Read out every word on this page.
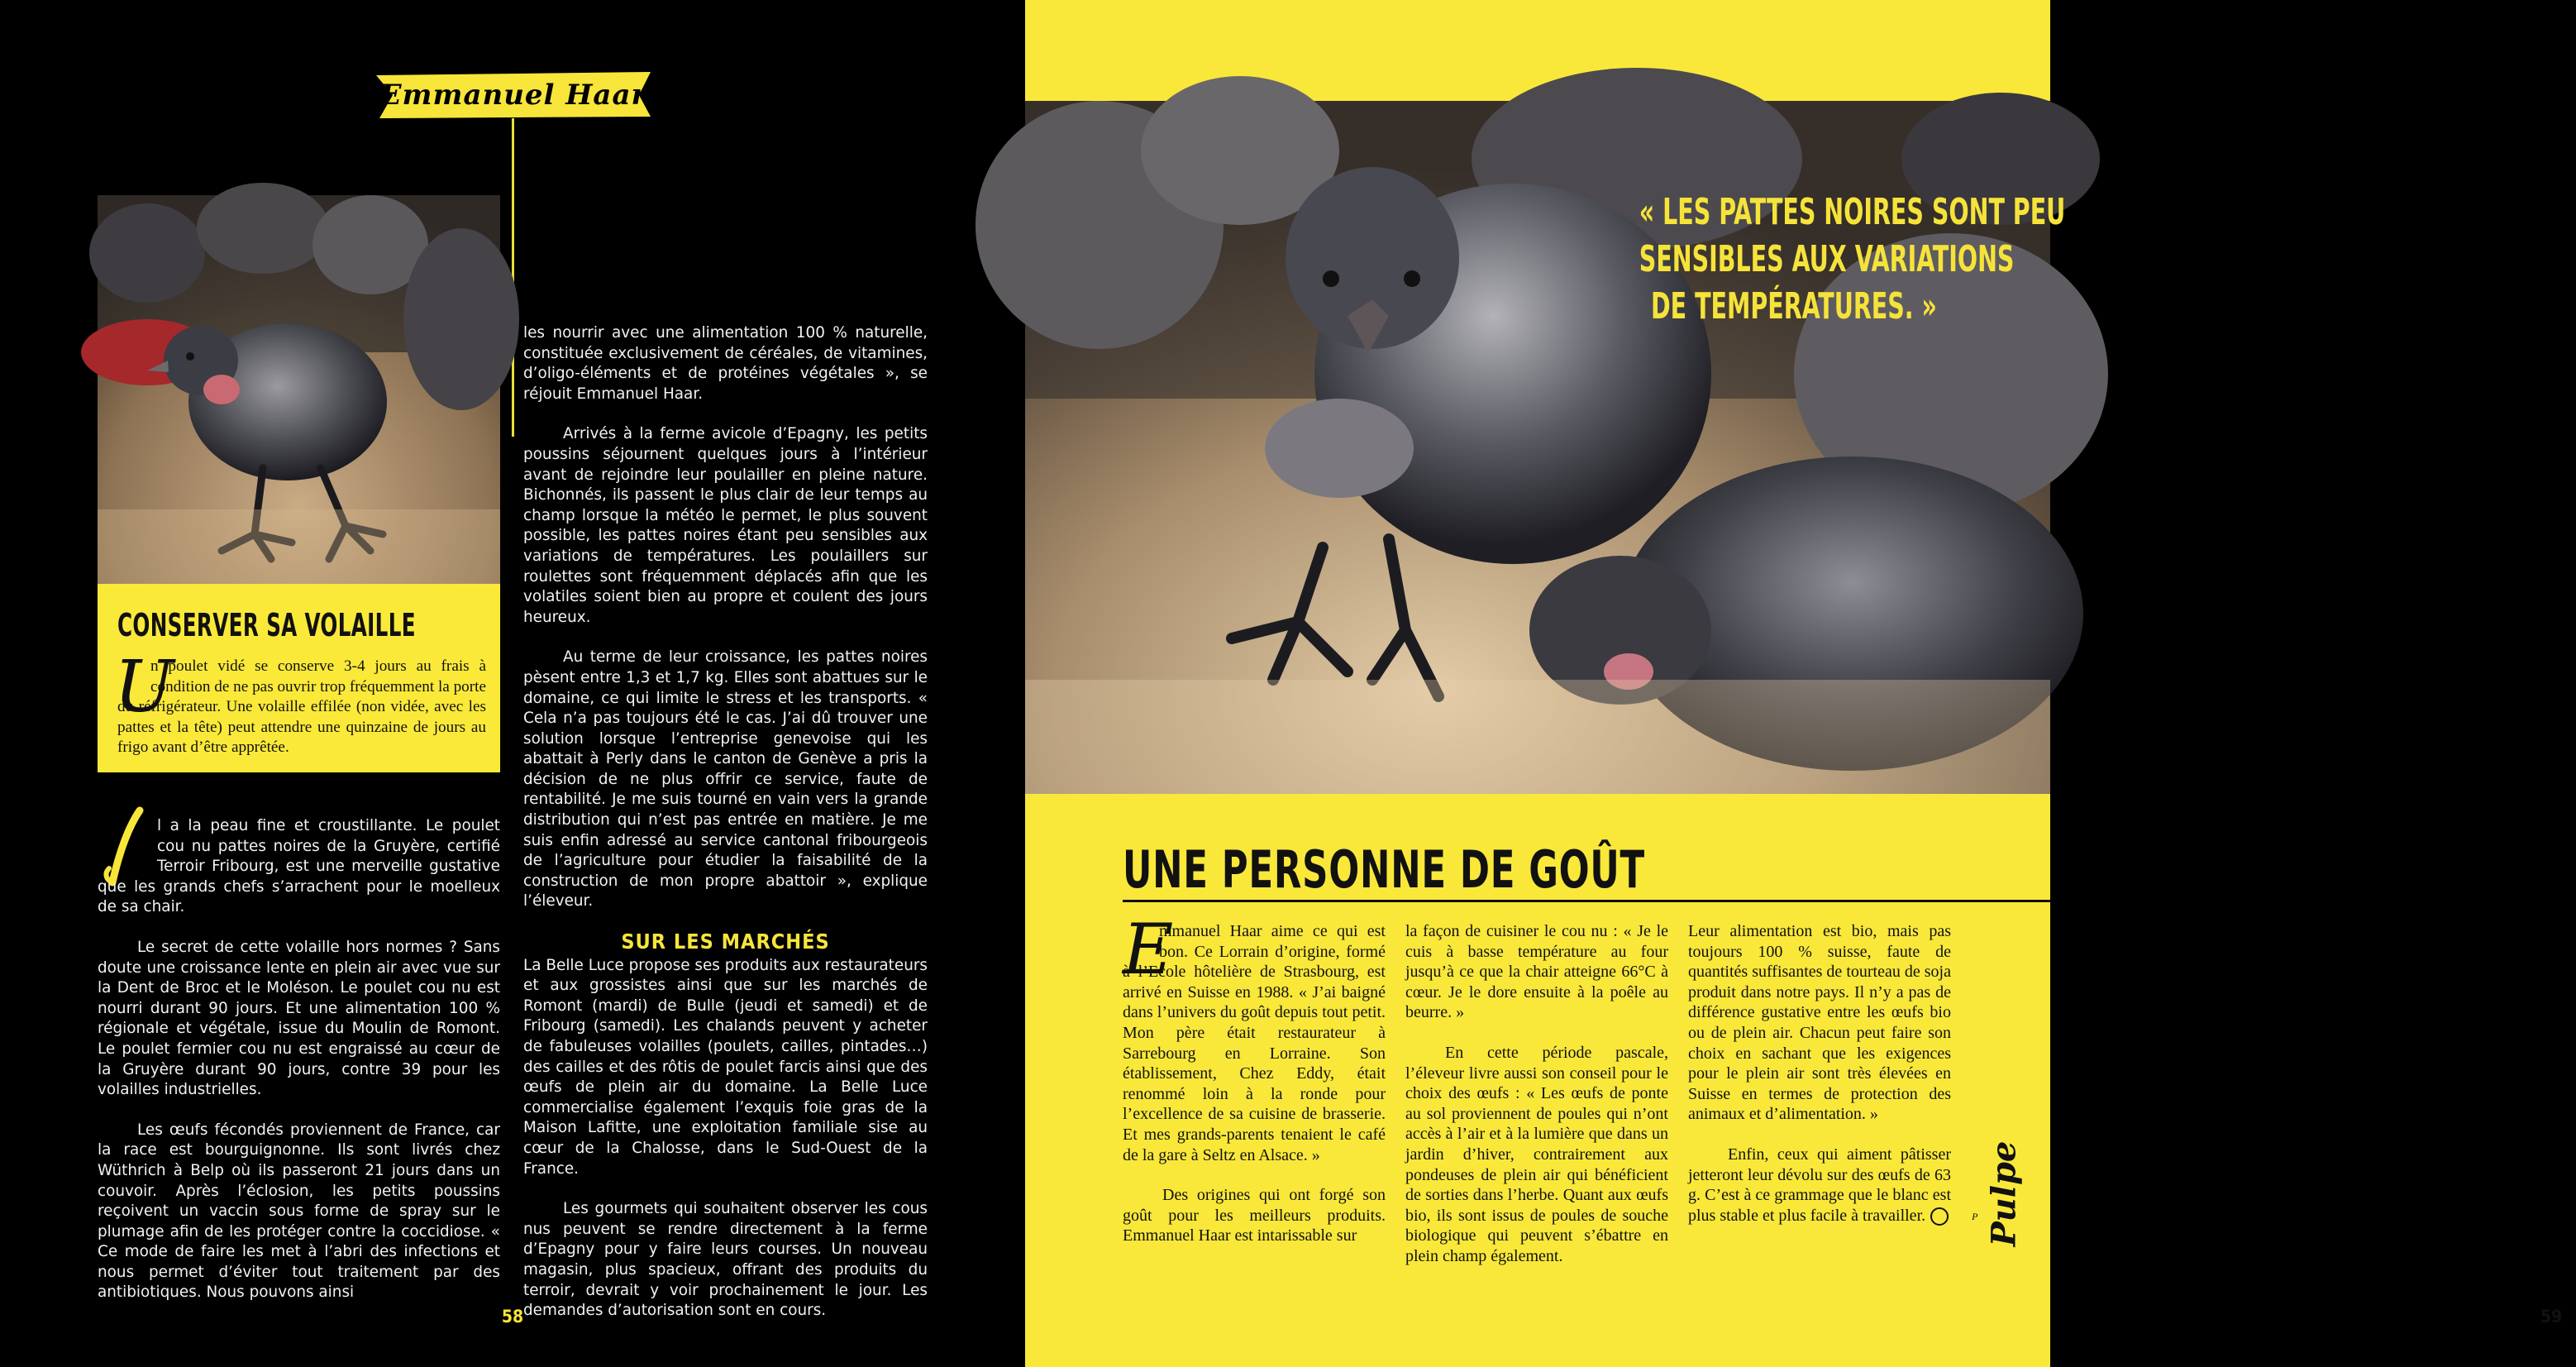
Emmanuel Haar
CONSERVER SA VOLAILLE
U
n poulet vidé se conserve 3-4 jours au frais à condition de ne pas ouvrir trop fréquemment la porte du réfrigérateur. Une volaille effilée (non vidée, avec les pattes et la tête) peut attendre une quinzaine de jours au frigo avant d’être apprêtée.
I

l a la peau fine et croustillante. Le poulet cou nu pattes noires de la Gruyère, certifié Terroir Fribourg, est une merveille gustative que les grands chefs s’arrachent pour le moelleux de sa chair.

Le secret de cette volaille hors normes ? Sans doute une croissance lente en plein air avec vue sur la Dent de Broc et le Moléson. Le poulet cou nu est nourri durant 90 jours. Et une alimentation 100 % régionale et végétale, issue du Moulin de Romont. Le poulet fermier cou nu est engraissé au cœur de la Gruyère durant 90 jours, contre 39 pour les volailles industrielles.

Les œufs fécondés proviennent de France, car la race est bourguignonne. Ils sont livrés chez Wüthrich à Belp où ils passeront 21 jours dans un couvoir. Après l’éclosion, les petits poussins reçoivent un vaccin sous forme de spray sur le plumage afin de les protéger contre la coccidiose. « Ce mode de faire les met à l’abri des infections et nous permet d’éviter tout traitement par des antibiotiques. Nous pouvons ainsi

les nourrir avec une alimentation 100 % naturelle, constituée exclusivement de céréales, de vitamines, d’oligo-éléments et de protéines végétales », se réjouit Emmanuel Haar.

Arrivés à la ferme avicole d’Epagny, les petits poussins séjournent quelques jours à l’intérieur avant de rejoindre leur poulailler en pleine nature. Bichonnés, ils passent le plus clair de leur temps au champ lorsque la météo le permet, le plus souvent possible, les pattes noires étant peu sensibles aux variations de températures. Les poulaillers sur roulettes sont fréquemment déplacés afin que les volatiles soient bien au propre et coulent des jours heureux.

Au terme de leur croissance, les pattes noires pèsent entre 1,3 et 1,7 kg. Elles sont abattues sur le domaine, ce qui limite le stress et les transports. « Cela n’a pas toujours été le cas. J’ai dû trouver une solution lorsque l’entreprise genevoise qui les abattait à Perly dans le canton de Genève a pris la décision de ne plus offrir ce service, faute de rentabilité. Je me suis tourné en vain vers la grande distribution qui n’est pas entrée en matière. Je me suis enfin adressé au service cantonal fribourgeois de l’agriculture pour étudier la faisabilité de la construction de mon propre abattoir », explique l’éleveur.

SUR LES MARCHÉS

La Belle Luce propose ses produits aux restaurateurs et aux grossistes ainsi que sur les marchés de Romont (mardi) de Bulle (jeudi et samedi) et de Fribourg (samedi). Les chalands peuvent y acheter de fabuleuses volailles (poulets, cailles, pintades…) des cailles et des rôtis de poulet farcis ainsi que des œufs de plein air du domaine. La Belle Luce commercialise également l’exquis foie gras de la Maison Lafitte, une exploitation familiale sise au cœur de la Chalosse, dans le Sud-Ouest de la France.

Les gourmets qui souhaitent observer les cous nus peuvent se rendre directement à la ferme d’Epagny pour y faire leurs courses. Un nouveau magasin, plus spacieux, offrant des produits du terroir, devrait y voir prochainement le jour. Les demandes d’autorisation sont en cours.

58
« LES PATTES NOIRES SONT PEU
SENSIBLES AUX VARIATIONS
DE TEMPÉRATURES. »
UNE PERSONNE DE GOÛT
E

mmanuel Haar aime ce qui est bon. Ce Lorrain d’origine, formé à l’Ecole hôtelière de Strasbourg, est arrivé en Suisse en 1988. « J’ai baigné dans l’univers du goût depuis tout petit. Mon père était restaurateur à Sarrebourg en Lorraine. Son établissement, Chez Eddy, était renommé loin à la ronde pour l’excellence de sa cuisine de brasserie. Et mes grands-parents tenaient le café de la gare à Seltz en Alsace. »

Des origines qui ont forgé son goût pour les meilleurs produits. Emmanuel Haar est intarissable sur

la façon de cuisiner le cou nu : « Je le cuis à basse température au four jusqu’à ce que la chair atteigne 66°C à cœur. Je le dore ensuite à la poêle au beurre. »

En cette période pascale, l’éleveur livre aussi son conseil pour le choix des œufs : « Les œufs de ponte au sol proviennent de poules qui n’ont accès à l’air et à la lumière que dans un jardin d’hiver, contrairement aux pondeuses de plein air qui bénéficient de sorties dans l’herbe. Quant aux œufs bio, ils sont issus de poules de souche biologique qui peuvent s’ébattre en plein champ également.

Leur alimentation est bio, mais pas toujours 100 % suisse, faute de quantités suffisantes de tourteau de soja produit dans notre pays. Il n’y a pas de différence gustative entre les œufs bio ou de plein air. Chacun peut faire son choix en sachant que les exigences pour le plein air sont très élevées en Suisse en termes de protection des animaux et d’alimentation. »

Enfin, ceux qui aiment pâtisser jetteront leur dévolu sur des œufs de 63 g. C’est à ce grammage que le blanc est plus stable et plus facile à travailler.	P Pulpe
59
